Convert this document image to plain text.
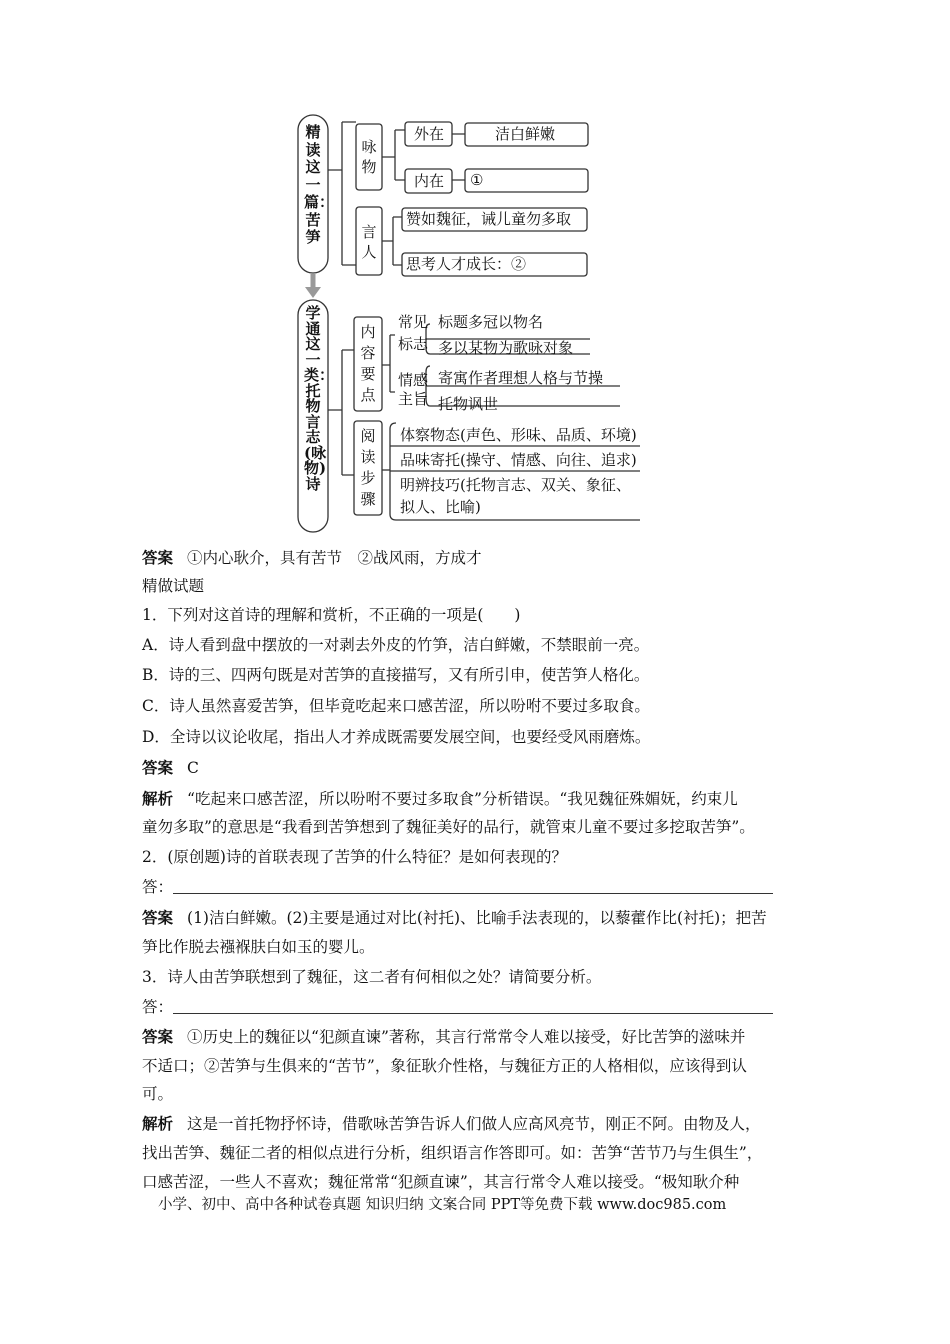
精读这一篇：苦笋
学通这一类：托物言志(咏物)诗
咏物
言人
外在
内在
洁白鲜嫩
①
赞如魏征，诫儿童勿多取
思考人才成长：②
内容要点
阅读步骤
常见
标志
标题多冠以物名
多以某物为歌咏对象
情感
主旨
寄寓作者理想人格与节操
托物讽世
体察物态(声色、形味、品质、环境)
品味寄托(操守、情感、向往、追求)
明辨技巧(托物言志、双关、象征、
拟人、比喻)
答案 ①内心耿介，具有苦节　②战风雨，方成才
精做试题
1．下列对这首诗的理解和赏析，不正确的一项是(　　)
A．诗人看到盘中摆放的一对剥去外皮的竹笋，洁白鲜嫩，不禁眼前一亮。
B．诗的三、四两句既是对苦笋的直接描写，又有所引申，使苦笋人格化。
C．诗人虽然喜爱苦笋，但毕竟吃起来口感苦涩，所以吩咐不要过多取食。
D．全诗以议论收尾，指出人才养成既需要发展空间，也要经受风雨磨炼。
答案 C
解析 “吃起来口感苦涩，所以吩咐不要过多取食”分析错误。“我见魏征殊媚妩，约束儿
童勿多取”的意思是“我看到苦笋想到了魏征美好的品行，就管束儿童不要过多挖取苦笋”。
2．(原创题)诗的首联表现了苦笋的什么特征？是如何表现的？
答：
答案 (1)洁白鲜嫩。(2)主要是通过对比(衬托)、比喻手法表现的，以藜藿作比(衬托)；把苦
笋比作脱去襁褓肤白如玉的婴儿。
3．诗人由苦笋联想到了魏征，这二者有何相似之处？请简要分析。
答：
答案 ①历史上的魏征以“犯颜直谏”著称，其言行常常令人难以接受，好比苦笋的滋味并
不适口；②苦笋与生俱来的“苦节”，象征耿介性格，与魏征方正的人格相似，应该得到认
可。
解析 这是一首托物抒怀诗，借歌咏苦笋告诉人们做人应高风亮节，刚正不阿。由物及人，
找出苦笋、魏征二者的相似点进行分析，组织语言作答即可。如：苦笋“苦节乃与生俱生”，
口感苦涩，一些人不喜欢；魏征常常“犯颜直谏”，其言行常令人难以接受。“极知耿介种
小学、初中、高中各种试卷真题 知识归纳 文案合同 PPT等免费下载 www.doc985.com
